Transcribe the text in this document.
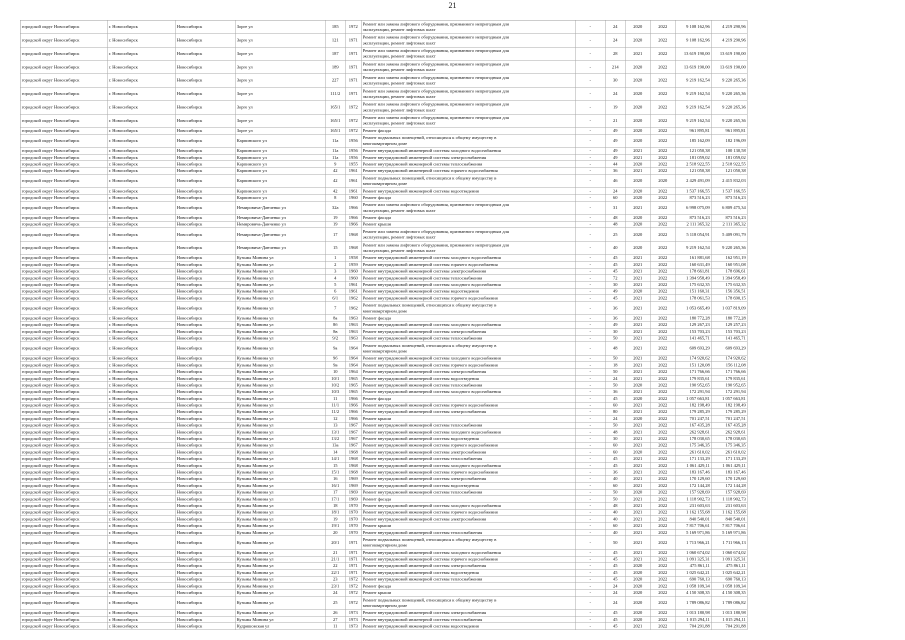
21
городской округ Новосибирск	г. Новосибирск	Новосибирск	Зорге ул	185	1972
Ремонт или замена лифтового оборудования, признанного непригодным для эксплуатации, ремонт лифтовых шахт
-	24	2020	2022	9 108 162,96	4 219 290,96
городской округ Новосибирск	г. Новосибирск	Новосибирск	Зорге ул	121	1971
Ремонт или замена лифтового оборудования, признанного непригодным для эксплуатации, ремонт лифтовых шахт
-	24	2020	2022	9 108 162,96	4 219 290,96
городской округ Новосибирск	г. Новосибирск	Новосибирск	Зорге ул	187	1971
Ремонт или замена лифтового оборудования, признанного непригодным для эксплуатации, ремонт лифтовых шахт
-	28	2021	2022	13 619 190,00	13 619 190,00
городской округ Новосибирск	г. Новосибирск	Новосибирск	Зорге ул	189	1971
Ремонт или замена лифтового оборудования, признанного непригодным для эксплуатации, ремонт лифтовых шахт
-	214	2020	2022	13 619 190,00	13 619 190,00
городской округ Новосибирск	г. Новосибирск	Новосибирск	Зорге ул	227	1971
Ремонт или замена лифтового оборудования, признанного непригодным для эксплуатации, ремонт лифтовых шахт
-	30	2020	2022	9 219 162,54	9 220 265,36
городской округ Новосибирск	г. Новосибирск	Новосибирск	Зорге ул	111/2 1971
Ремонт или замена лифтового оборудования, признанного непригодным для эксплуатации, ремонт лифтовых шахт
-	24	2020	2022	9 219 162,54	9 220 265,36
городской округ Новосибирск	г. Новосибирск	Новосибирск	Зорге ул	165/1 1972
Ремонт или замена лифтового оборудования, признанного непригодным для эксплуатации, ремонт лифтовых шахт
-	19	2020	2022	9 219 162,54	9 220 265,36
городской округ Новосибирск	г. Новосибирск	Новосибирск	Зорге ул	165/1 1972
Ремонт или замена лифтового оборудования, признанного непригодным для эксплуатации, ремонт лифтовых шахт
-	21	2020	2022	9 219 162,54	9 220 265,36
городской округ Новосибирск	г. Новосибирск	Новосибирск	Зорге ул	165/1 1972 Ремонт фасада	-	49	2020	2022	961 895,81	961 895,81
городской округ Новосибирск	г. Новосибирск	Новосибирск	Карпинского ул	11а	1956
Ремонт подвальных помещений, относящихся к общему имуществу в многоквартирном доме
-	49	2020	2022	185 162,09	182 196,09
городской округ Новосибирск	г. Новосибирск	Новосибирск	Карпинского ул	11а	1956 Ремонт внутридомовой инженерной системы холодного водоснабжения	-	49	2021	2022	121 050,38	100 130,58
городской округ Новосибирск	г. Новосибирск	Новосибирск	Карпинского ул	11а	1956 Ремонт внутридомовой инженерной системы электроснабжения	-	49	2021	2022	181 059,02	181 059,02
городской округ Новосибирск	г. Новосибирск	Новосибирск	Карпинского ул	9	1955 Ремонт внутридомовой инженерной системы теплоснабжения	-	44	2020	2022	2 518 922,55	2 518 922,55
городской округ Новосибирск	г. Новосибирск	Новосибирск	Карпинского ул	42	1961 Ремонт внутридомовой инженерной системы горячего водоснабжения	-	36	2021	2022	121 050,38	121 050,38
городской округ Новосибирск	г. Новосибирск	Новосибирск	Карпинского ул	42	1961
Ремонт подвальных помещений, относящихся к общему имуществу в многоквартирном доме
-	46	2020	2020	2 429 491,09	2 415 832,03
городской округ Новосибирск	г. Новосибирск	Новосибирск	Карпинского ул	42	1961 Ремонт внутридомовой инженерной системы водоотведения	-	24	2020	2022	1 537 166,55	1 537 166,55
городской округ Новосибирск	г. Новосибирск	Новосибирск	Карпинского ул	8	1960 Ремонт фасада	-	60	2020	2022	873 516,23	873 516,23
городской округ Новосибирск	г. Новосибирск	Новосибирск	Немировича-Данченко ул	32а	1966
Ремонт или замена лифтового оборудования, признанного непригодным для эксплуатации, ремонт лифтовых шахт
-	31	2021	2022	6 998 075,09	6 809 475,34
городской округ Новосибирск	г. Новосибирск	Новосибирск	Немировича-Данченко ул	19	1966 Ремонт фасада	-	48	2020	2022	873 516,23	873 516,23
городской округ Новосибирск	г. Новосибирск	Новосибирск	Немировича-Данченко ул	19	1966 Ремонт крыши	-	48	2020	2022	2 111 365,32	2 111 365,32
городской округ Новосибирск	г. Новосибирск	Новосибирск	Немировича-Данченко ул	17	1968
Ремонт или замена лифтового оборудования, признанного непригодным для эксплуатации, ремонт лифтовых шахт
-	25	2020	2022	5 118 054,91	5 409 091,79
городской округ Новосибирск	г. Новосибирск	Новосибирск	Немировича-Данченко ул	15	1968
Ремонт или замена лифтового оборудования, признанного непригодным для эксплуатации, ремонт лифтовых шахт
-	40	2020	2022	9 219 162,54	9 220 265,36
городской округ Новосибирск	г. Новосибирск	Новосибирск	Кузьмы Минина ул	1	1958 Ремонт внутридомовой инженерной системы холодного водоснабжения	-	45	2021	2022	161 881,68	162 951,19
городской округ Новосибирск	г. Новосибирск	Новосибирск	Кузьмы Минина ул	2	1959 Ремонт внутридомовой инженерной системы горячего водоснабжения	-	45	2021	2022	160 631,49	160 951,08
городской округ Новосибирск	г. Новосибирск	Новосибирск	Кузьмы Минина ул	3	1960 Ремонт внутридомовой инженерной системы электроснабжения	-	45	2021	2022	178 661,81	178 696,61
городской округ Новосибирск	г. Новосибирск	Новосибирск	Кузьмы Минина ул	4	1960 Ремонт внутридомовой инженерной системы теплоснабжения	-	72	2021	2022	1 394 958,49	1 394 958,49
городской округ Новосибирск	г. Новосибирск	Новосибирск	Кузьмы Минина ул	5	1961 Ремонт внутридомовой инженерной системы холодного водоснабжения	-	30	2021	2022	175 632,35	175 632,35
городской округ Новосибирск	г. Новосибирск	Новосибирск	Кузьмы Минина ул	6	1961 Ремонт внутридомовой инженерной системы водоотведения	-	49	2020	2022	151 160,31	156 356,51
городской округ Новосибирск	г. Новосибирск	Новосибирск	Кузьмы Минина ул	6/1	1962 Ремонт внутридомовой инженерной системы горячего водоснабжения	-	45	2021	2022	178 061,53	178 690,15
городской округ Новосибирск	г. Новосибирск	Новосибирск	Кузьмы Минина ул	7	1962
Ремонт подвальных помещений, относящихся к общему имуществу в многоквартирном доме
-	36	2021	2022	1 053 665,49	1 037 819,09
городской округ Новосибирск	г. Новосибирск	Новосибирск	Кузьмы Минина ул	8а	1963 Ремонт фасада	-	36	2021	2022	180 772,28	180 772,28
городской округ Новосибирск	г. Новосибирск	Новосибирск	Кузьмы Минина ул	8б	1963 Ремонт внутридомовой инженерной системы холодного водоснабжения	-	49	2021	2022	129 267,23	129 257,23
городской округ Новосибирск	г. Новосибирск	Новосибирск	Кузьмы Минина ул	8в	1963 Ремонт внутридомовой инженерной системы электроснабжения	-	30	2021	2022	153 703,23	153 703,23
городской округ Новосибирск	г. Новосибирск	Новосибирск	Кузьмы Минина ул	9/2	1963 Ремонт внутридомовой инженерной системы теплоснабжения	-	50	2021	2022	141 465,71	141 465,71
городской округ Новосибирск	г. Новосибирск	Новосибирск	Кузьмы Минина ул	9а	1964
Ремонт подвальных помещений, относящихся к общему имуществу в многоквартирном доме
-	48	2021	2022	609 693,29	609 693,29
городской округ Новосибирск	г. Новосибирск	Новосибирск	Кузьмы Минина ул	9б	1964 Ремонт внутридомовой инженерной системы холодного водоснабжения	-	50	2021	2022	174 920,62	174 920,62
городской округ Новосибирск	г. Новосибирск	Новосибирск	Кузьмы Минина ул	9в	1964 Ремонт внутридомовой инженерной системы горячего водоснабжения	-	18	2021	2022	151 120,08	156 112,08
городской округ Новосибирск	г. Новосибирск	Новосибирск	Кузьмы Минина ул	10	1964 Ремонт внутридомовой инженерной системы электроснабжения	-	50	2021	2022	171 766,66	171 766,66
городской округ Новосибирск	г. Новосибирск	Новосибирск	Кузьмы Минина ул	10/1	1965 Ремонт внутридомовой инженерной системы водоотведения	-	24	2021	2022	179 835,61	179 835,61
городской округ Новосибирск	г. Новосибирск	Новосибирск	Кузьмы Минина ул	10/2	1965 Ремонт внутридомовой инженерной системы теплоснабжения	-	50	2020	2022	190 952,65	190 952,65
городской округ Новосибирск	г. Новосибирск	Новосибирск	Кузьмы Минина ул	10/3	1965 Ремонт внутридомовой инженерной системы холодного водоснабжения	-	36	2021	2022	172 291,94	172 291,94
городской округ Новосибирск	г. Новосибирск	Новосибирск	Кузьмы Минина ул	11	1966 Ремонт фасада	-	45	2020	2022	1 057 663,81	1 057 663,81
городской округ Новосибирск	г. Новосибирск	Новосибирск	Кузьмы Минина ул	11/1	1966 Ремонт внутридомовой инженерной системы горячего водоснабжения	-	60	2021	2022	182 198,49	182 198,49
городской округ Новосибирск	г. Новосибирск	Новосибирск	Кузьмы Минина ул	11/2	1966 Ремонт внутридомовой инженерной системы электроснабжения	-	80	2021	2022	179 285,29	179 285,29
городской округ Новосибирск	г. Новосибирск	Новосибирск	Кузьмы Минина ул	12	1966 Ремонт крыши	-	24	2020	2022	701 247,51	701 247,51
городской округ Новосибирск	г. Новосибирск	Новосибирск	Кузьмы Минина ул	13	1967 Ремонт внутридомовой инженерной системы теплоснабжения	-	50	2021	2022	167 435,28	167 435,28
городской округ Новосибирск	г. Новосибирск	Новосибирск	Кузьмы Минина ул	13/1	1967 Ремонт внутридомовой инженерной системы холодного водоснабжения	-	48	2021	2022	262 928,61	262 928,61
городской округ Новосибирск	г. Новосибирск	Новосибирск	Кузьмы Минина ул	13/2	1967 Ремонт внутридомовой инженерной системы водоотведения	-	30	2021	2022	178 030,65	178 030,65
городской округ Новосибирск	г. Новосибирск	Новосибирск	Кузьмы Минина ул	13а	1967 Ремонт внутридомовой инженерной системы горячего водоснабжения	-	60	2021	2022	175 346,35	175 346,35
городской округ Новосибирск	г. Новосибирск	Новосибирск	Кузьмы Минина ул	14	1968 Ремонт внутридомовой инженерной системы электроснабжения	-	60	2020	2022	261 610,02	261 610,02
городской округ Новосибирск	г. Новосибирск	Новосибирск	Кузьмы Минина ул	14/1	1968 Ремонт внутридомовой инженерной системы теплоснабжения	-	45	2021	2022	171 133,29	171 133,29
городской округ Новосибирск	г. Новосибирск	Новосибирск	Кузьмы Минина ул	15	1968 Ремонт внутридомовой инженерной системы холодного водоснабжения	-	45	2021	2022	1 061 429,11	1 061 429,11
городской округ Новосибирск	г. Новосибирск	Новосибирск	Кузьмы Минина ул	15/1	1968 Ремонт внутридомовой инженерной системы горячего водоснабжения	-	36	2021	2022	183 167,46	183 167,46
городской округ Новосибирск	г. Новосибирск	Новосибирск	Кузьмы Минина ул	16	1969 Ремонт внутридомовой инженерной системы электроснабжения	-	40	2021	2022	170 129,60	170 129,60
городской округ Новосибирск	г. Новосибирск	Новосибирск	Кузьмы Минина ул	16/1	1969 Ремонт внутридомовой инженерной системы водоотведения	-	60	2021	2022	172 144,28	172 144,28
городской округ Новосибирск	г. Новосибирск	Новосибирск	Кузьмы Минина ул	17	1969 Ремонт внутридомовой инженерной системы теплоснабжения	-	50	2020	2022	157 928,69	157 928,69
городской округ Новосибирск	г. Новосибирск	Новосибирск	Кузьмы Минина ул	17/1	1969 Ремонт фасада	-	50	2021	2022	1 118 902,73	1 118 902,73
городской округ Новосибирск	г. Новосибирск	Новосибирск	Кузьмы Минина ул	18	1970 Ремонт внутридомовой инженерной системы холодного водоснабжения	-	48	2021	2022	231 603,63	231 603,63
городской округ Новосибирск	г. Новосибирск	Новосибирск	Кузьмы Минина ул	18/1	1970 Ремонт внутридомовой инженерной системы горячего водоснабжения	-	40	2021	2022	1 162 155,68	1 162 155,68
городской округ Новосибирск	г. Новосибирск	Новосибирск	Кузьмы Минина ул	19	1970 Ремонт внутридомовой инженерной системы электроснабжения	-	40	2021	2022	840 540,01	840 540,01
городской округ Новосибирск	г. Новосибирск	Новосибирск	Кузьмы Минина ул	19/1	1970 Ремонт крыши	-	60	2021	2022	7 817 706,61	7 817 706,61
городской округ Новосибирск	г. Новосибирск	Новосибирск	Кузьмы Минина ул	20	1970 Ремонт внутридомовой инженерной системы теплоснабжения	-	40	2021	2022	5 169 971,86	5 169 971,86
городской округ Новосибирск	г. Новосибирск	Новосибирск	Кузьмы Минина ул	20/1	1971
Ремонт подвальных помещений, относящихся к общему имуществу в многоквартирном доме
-	50	2021	2022	1 713 966,21	1 711 966,13
городской округ Новосибирск	г. Новосибирск	Новосибирск	Кузьмы Минина ул	21	1971 Ремонт внутридомовой инженерной системы холодного водоснабжения	-	45	2021	2022	1 060 674,02	1 060 674,02
городской округ Новосибирск	г. Новосибирск	Новосибирск	Кузьмы Минина ул	21/1	1971 Ремонт внутридомовой инженерной системы горячего водоснабжения	-	45	2021	2022	1 091 325,31	1 091 325,31
городской округ Новосибирск	г. Новосибирск	Новосибирск	Кузьмы Минина ул	22	1971 Ремонт внутридомовой инженерной системы электроснабжения	-	45	2020	2022	475 861,11	475 861,11
городской округ Новосибирск	г. Новосибирск	Новосибирск	Кузьмы Минина ул	22/1	1971 Ремонт внутридомовой инженерной системы водоотведения	-	45	2020	2022	1 025 642,21	1 025 642,21
городской округ Новосибирск	г. Новосибирск	Новосибирск	Кузьмы Минина ул	23	1972 Ремонт внутридомовой инженерной системы теплоснабжения	-	45	2020	2022	690 760,13	690 760,13
городской округ Новосибирск	г. Новосибирск	Новосибирск	Кузьмы Минина ул	23/1	1972 Ремонт фасада	-	24	2020	2022	1 058 109,34	1 058 109,34
городской округ Новосибирск	г. Новосибирск	Новосибирск	Кузьмы Минина ул	24	1972 Ремонт крыши	-	24	2020	2022	4 150 308,35	4 150 308,35
городской округ Новосибирск	г. Новосибирск	Новосибирск	Кузьмы Минина ул	25	1972
Ремонт подвальных помещений, относящихся к общему имуществу в многоквартирном доме
-	24	2020	2022	1 789 086,82	1 789 086,82
городской округ Новосибирск	г. Новосибирск	Новосибирск	Кузьмы Минина ул	26	1973 Ремонт внутридомовой инженерной системы электроснабжения	-	45	2020	2022	1 013 180,98	1 013 180,98
городской округ Новосибирск	г. Новосибирск	Новосибирск	Кузьмы Минина ул	27	1973 Ремонт внутридомовой инженерной системы теплоснабжения	-	45	2020	2022	1 015 294,11	1 015 294,11
городской округ Новосибирск	г. Новосибирск	Новосибирск	Кудряшовская ул	11	1973 Ремонт внутридомовой инженерной системы водоотведения	-	45	2021	2022	704 291,88	704 291,88
